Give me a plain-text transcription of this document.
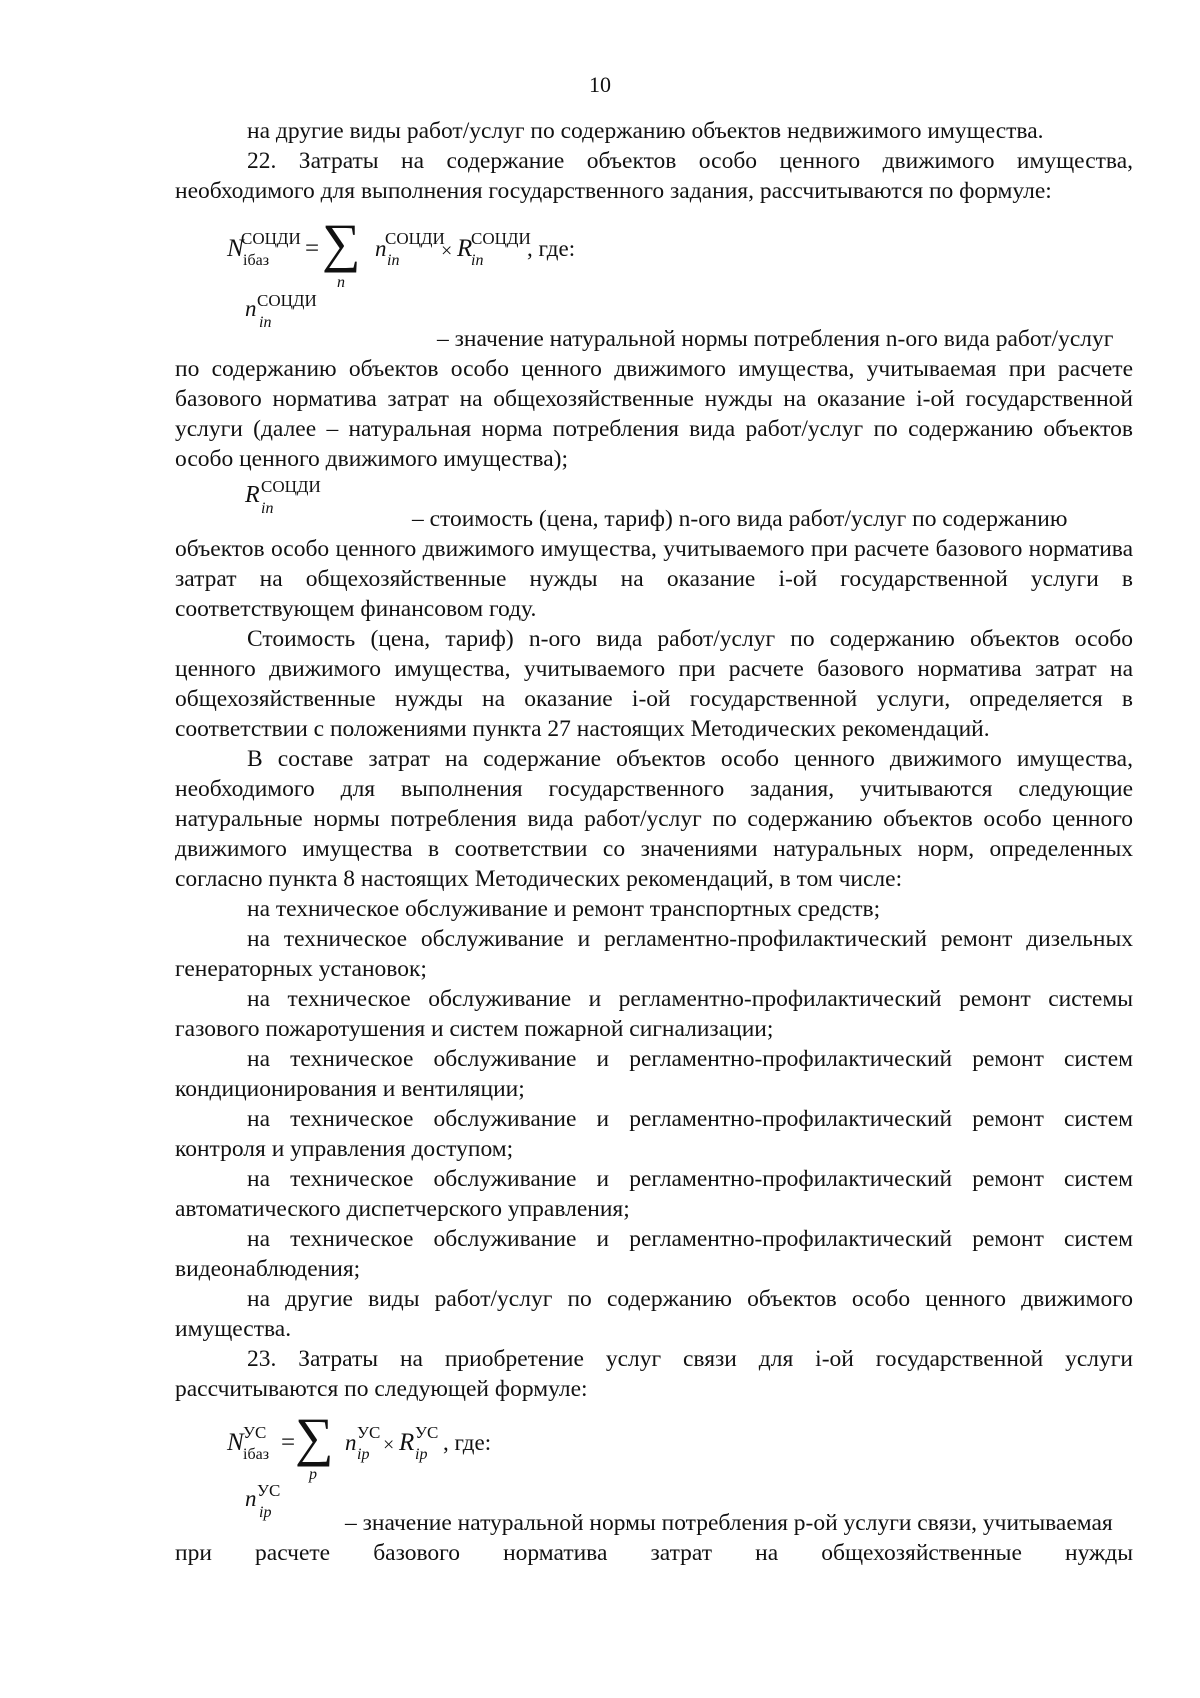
10

на другие виды работ/услуг по содержанию объектов недвижимого имущества.

22. Затраты на содержание объектов особо ценного движимого имущества, необходимого для выполнения государственного задания, рассчитываются по формуле:

N
СОЦДИ
iбаз = ∑
n
n
СОЦДИ
in × R
СОЦДИ
in , где:
n СОЦДИ
in

– значение натуральной нормы потребления n-ого вида работ/услуг

по содержанию объектов особо ценного движимого имущества, учитываемая при расчете базового норматива затрат на общехозяйственные нужды на оказание i-ой государственной услуги (далее – натуральная норма потребления вида работ/услуг по содержанию объектов особо ценного движимого имущества);

R СОЦДИ
in	– стоимость (цена, тариф) n-ого вида работ/услуг по содержанию

объектов особо ценного движимого имущества, учитываемого при расчете базового норматива затрат на общехозяйственные нужды на оказание i-ой государственной услуги в соответствующем финансовом году.

Стоимость (цена, тариф) n-ого вида работ/услуг по содержанию объектов особо ценного движимого имущества, учитываемого при расчете базового норматива затрат на общехозяйственные нужды на оказание i-ой государственной услуги, определяется в соответствии с положениями пункта 27 настоящих Методических рекомендаций.

В составе затрат на содержание объектов особо ценного движимого имущества, необходимого для выполнения государственного задания, учитываются следующие натуральные нормы потребления вида работ/услуг по содержанию объектов особо ценного движимого имущества в соответствии со значениями натуральных норм, определенных согласно пункта 8 настоящих Методических рекомендаций, в том числе:

на техническое обслуживание и ремонт транспортных средств;

на техническое обслуживание и регламентно-профилактический ремонт дизельных генераторных установок;

на техническое обслуживание и регламентно-профилактический ремонт системы газового пожаротушения и систем пожарной сигнализации;

на техническое обслуживание и регламентно-профилактический ремонт систем кондиционирования и вентиляции;

на техническое обслуживание и регламентно-профилактический ремонт систем контроля и управления доступом;

на техническое обслуживание и регламентно-профилактический ремонт систем автоматического диспетчерского управления;

на техническое обслуживание и регламентно-профилактический ремонт систем видеонаблюдения;

на другие виды работ/услуг по содержанию объектов особо ценного движимого имущества.

23. Затраты на приобретение услуг связи для i-ой государственной услуги рассчитываются по следующей формуле:

N УС
iбаз = ∑
p
n УС
ip × R УС
ip , где:
n УС
ip	– значение натуральной нормы потребления p-ой услуги связи, учитываемая

при расчете базового норматива затрат на общехозяйственные нужды
